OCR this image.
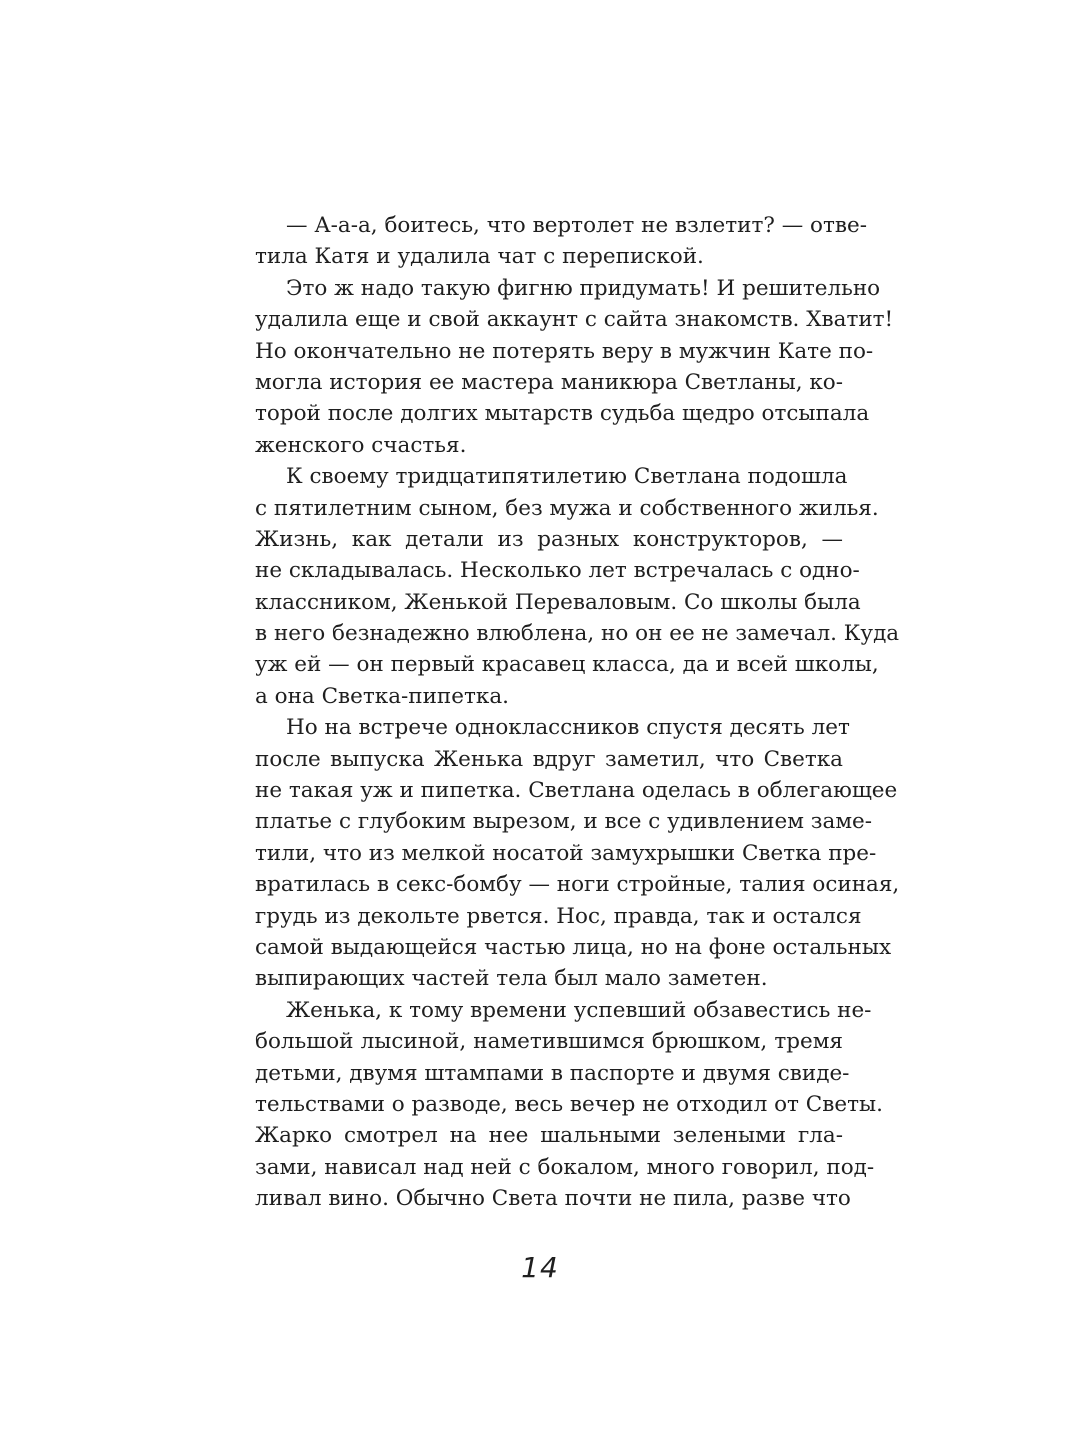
— А-а-а, боитесь, что вертолет не взлетит? — отве-
тила Катя и удалила чат с перепиской.
Это ж надо такую фигню придумать! И решительно
удалила еще и свой аккаунт с сайта знакомств. Хватит!
Но окончательно не потерять веру в мужчин Кате по-
могла история ее мастера маникюра Светланы, ко-
торой после долгих мытарств судьба щедро отсыпала
женского счастья.
К своему тридцатипятилетию Светлана подошла
с пятилетним сыном, без мужа и собственного жилья.
Жизнь, как детали из разных конструкторов, —
не складывалась. Несколько лет встречалась с одно-
классником, Женькой Переваловым. Со школы была
в него безнадежно влюблена, но он ее не замечал. Куда
уж ей — он первый красавец класса, да и всей школы,
а она Светка-пипетка.
Но на встрече одноклассников спустя десять лет
после выпуска Женька вдруг заметил, что Светка
не такая уж и пипетка. Светлана оделась в облегающее
платье с глубоким вырезом, и все с удивлением заме-
тили, что из мелкой носатой замухрышки Светка пре-
вратилась в секс-бомбу — ноги стройные, талия осиная,
грудь из декольте рвется. Нос, правда, так и остался
самой выдающейся частью лица, но на фоне остальных
выпирающих частей тела был мало заметен.
Женька, к тому времени успевший обзавестись не-
большой лысиной, наметившимся брюшком, тремя
детьми, двумя штампами в паспорте и двумя свиде-
тельствами о разводе, весь вечер не отходил от Светы.
Жарко смотрел на нее шальными зелеными гла-
зами, нависал над ней с бокалом, много говорил, под-
ливал вино. Обычно Света почти не пила, разве что
14
